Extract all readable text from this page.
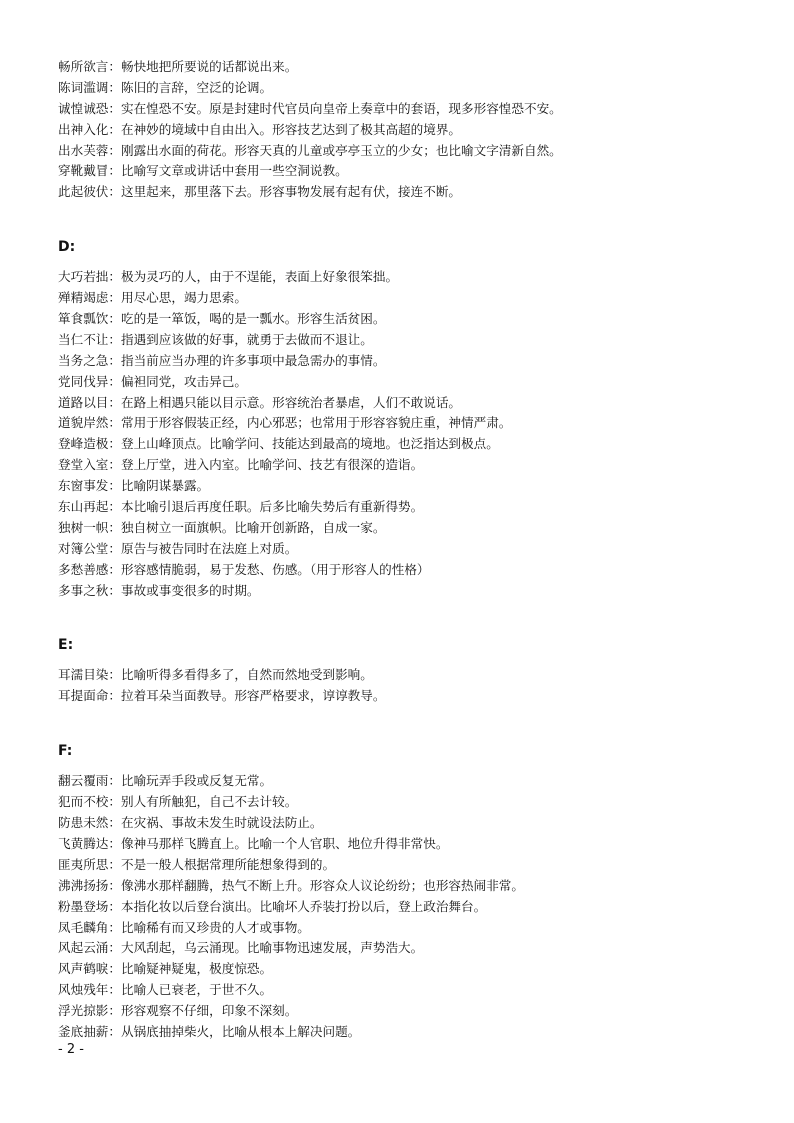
畅所欲言：畅快地把所要说的话都说出来。
陈词滥调：陈旧的言辞，空泛的论调。
诚惶诚恐：实在惶恐不安。原是封建时代官员向皇帝上奏章中的套语，现多形容惶恐不安。
出神入化：在神妙的境域中自由出入。形容技艺达到了极其高超的境界。
出水芙蓉：刚露出水面的荷花。形容天真的儿童或亭亭玉立的少女；也比喻文字清新自然。
穿靴戴冒：比喻写文章或讲话中套用一些空洞说教。
此起彼伏：这里起来，那里落下去。形容事物发展有起有伏，接连不断。
D:
大巧若拙：极为灵巧的人，由于不逞能，表面上好象很笨拙。
殚精竭虑：用尽心思，竭力思索。
箪食瓢饮：吃的是一箪饭，喝的是一瓢水。形容生活贫困。
当仁不让：指遇到应该做的好事，就勇于去做而不退让。
当务之急：指当前应当办理的许多事项中最急需办的事情。
党同伐异：偏袒同党，攻击异己。
道路以目：在路上相遇只能以目示意。形容统治者暴虐，人们不敢说话。
道貌岸然：常用于形容假装正经，内心邪恶；也常用于形容容貌庄重，神情严肃。
登峰造极：登上山峰顶点。比喻学问、技能达到最高的境地。也泛指达到极点。
登堂入室：登上厅堂，进入内室。比喻学问、技艺有很深的造诣。
东窗事发：比喻阴谋暴露。
东山再起：本比喻引退后再度任职。后多比喻失势后有重新得势。
独树一帜：独自树立一面旗帜。比喻开创新路，自成一家。
对簿公堂：原告与被告同时在法庭上对质。
多愁善感：形容感情脆弱，易于发愁、伤感。（用于形容人的性格）
多事之秋：事故或事变很多的时期。
E:
耳濡目染：比喻听得多看得多了，自然而然地受到影响。
耳提面命：拉着耳朵当面教导。形容严格要求，谆谆教导。
F:
翻云覆雨：比喻玩弄手段或反复无常。
犯而不校：别人有所触犯，自己不去计较。
防患未然：在灾祸、事故未发生时就设法防止。
飞黄腾达：像神马那样飞腾直上。比喻一个人官职、地位升得非常快。
匪夷所思：不是一般人根据常理所能想象得到的。
沸沸扬扬：像沸水那样翻腾，热气不断上升。形容众人议论纷纷；也形容热闹非常。
粉墨登场：本指化妆以后登台演出。比喻坏人乔装打扮以后，登上政治舞台。
凤毛麟角：比喻稀有而又珍贵的人才或事物。
风起云涌：大风刮起，乌云涌现。比喻事物迅速发展，声势浩大。
风声鹤唳：比喻疑神疑鬼，极度惊恐。
风烛残年：比喻人已衰老，于世不久。
浮光掠影：形容观察不仔细，印象不深刻。
釜底抽薪：从锅底抽掉柴火，比喻从根本上解决问题。
- 2 -
